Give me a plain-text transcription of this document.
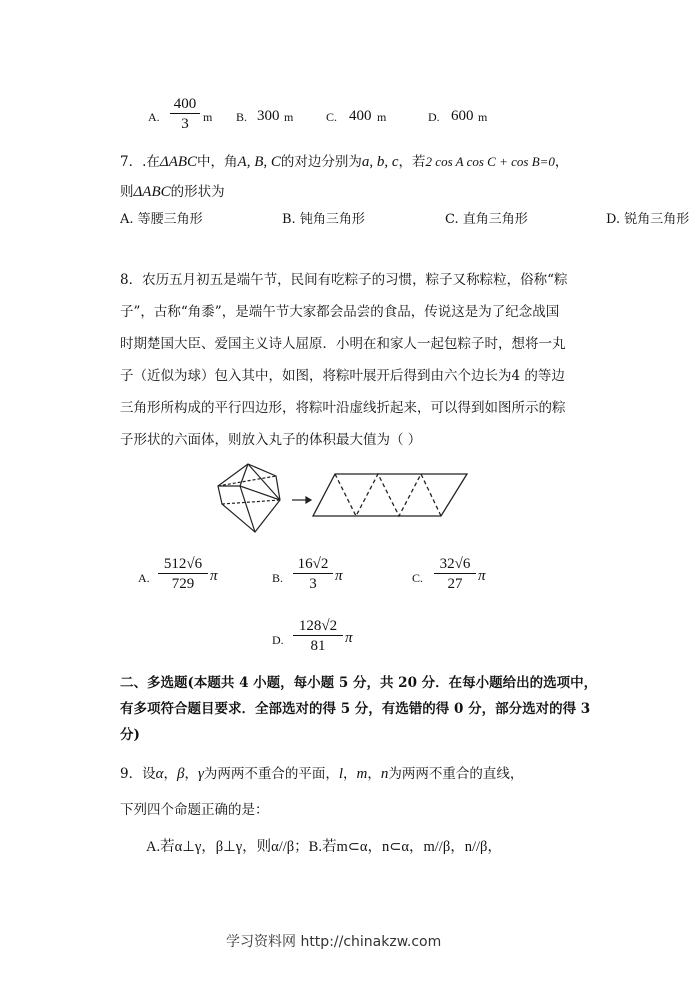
A. $\frac{400}{3}$ m B. 300 m	C. 400 m	D. 600 m
7．.在ΔABC中，角A, B, C的对边分别为a, b, c，若2 cos A cos C + cos B=0，
则ΔABC的形状为
A. 等腰三角形	B. 钝角三角形	C. 直角三角形	D. 锐角三角形
8．农历五月初五是端午节，民间有吃粽子的习惯，粽子又称粽粒，俗称“粽
子”，古称“角黍”，是端午节大家都会品尝的食品，传说这是为了纪念战国
时期楚国大臣、爱国主义诗人屈原．小明在和家人一起包粽子时，想将一丸
子（近似为球）包入其中，如图，将粽叶展开后得到由六个边长为4 的等边
三角形所构成的平行四边形，将粽叶沿虚线折起来，可以得到如图所示的粽
子形状的六面体，则放入丸子的体积最大值为（ ）
A. $\frac{512√6}{729}$ π	B. $\frac{16√2}{3}$ π	C. $\frac{32√6}{27}$ π
D. $\frac{128√2}{81}$ π
二、多选题(本题共 4 小题，每小题 5 分，共 20 分．在每小题给出的选项中，
有多项符合题目要求．全部选对的得 5 分，有选错的得 0 分，部分选对的得 3
分)
9．设α，β，γ为两两不重合的平面，l，m，n为两两不重合的直线，
下列四个命题正确的是：
A.若α⊥γ，β⊥γ，则α//β；B.若m⊂α，n⊂α，m//β，n//β，
学习资料网 http://chinakzw.com
